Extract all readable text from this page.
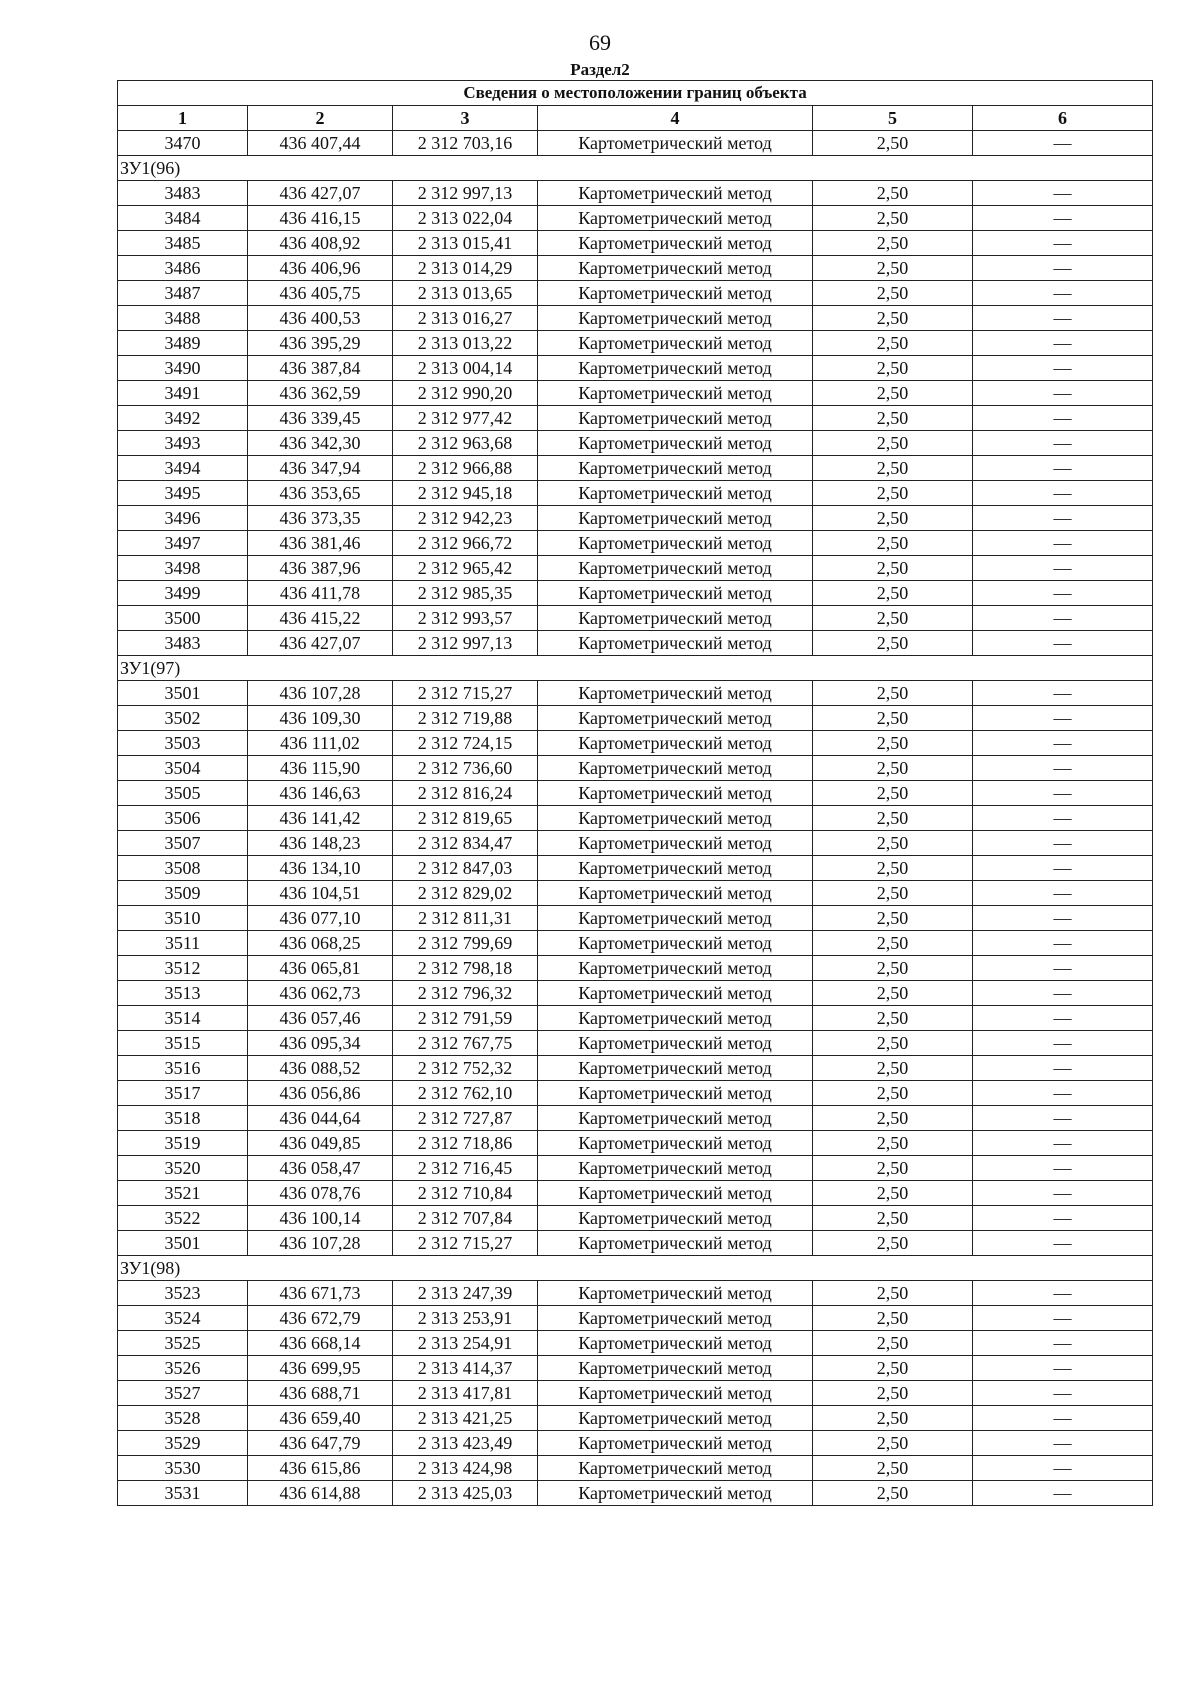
69
Раздел2
Сведения о местоположении границ объекта					
1	2	3	4	5	6
3470	436 407,44	2 312 703,16	Картометрический метод	2,50	—
ЗУ1(96)					
3483	436 427,07	2 312 997,13	Картометрический метод	2,50	—
3484	436 416,15	2 313 022,04	Картометрический метод	2,50	—
3485	436 408,92	2 313 015,41	Картометрический метод	2,50	—
3486	436 406,96	2 313 014,29	Картометрический метод	2,50	—
3487	436 405,75	2 313 013,65	Картометрический метод	2,50	—
3488	436 400,53	2 313 016,27	Картометрический метод	2,50	—
3489	436 395,29	2 313 013,22	Картометрический метод	2,50	—
3490	436 387,84	2 313 004,14	Картометрический метод	2,50	—
3491	436 362,59	2 312 990,20	Картометрический метод	2,50	—
3492	436 339,45	2 312 977,42	Картометрический метод	2,50	—
3493	436 342,30	2 312 963,68	Картометрический метод	2,50	—
3494	436 347,94	2 312 966,88	Картометрический метод	2,50	—
3495	436 353,65	2 312 945,18	Картометрический метод	2,50	—
3496	436 373,35	2 312 942,23	Картометрический метод	2,50	—
3497	436 381,46	2 312 966,72	Картометрический метод	2,50	—
3498	436 387,96	2 312 965,42	Картометрический метод	2,50	—
3499	436 411,78	2 312 985,35	Картометрический метод	2,50	—
3500	436 415,22	2 312 993,57	Картометрический метод	2,50	—
3483	436 427,07	2 312 997,13	Картометрический метод	2,50	—
ЗУ1(97)					
3501	436 107,28	2 312 715,27	Картометрический метод	2,50	—
3502	436 109,30	2 312 719,88	Картометрический метод	2,50	—
3503	436 111,02	2 312 724,15	Картометрический метод	2,50	—
3504	436 115,90	2 312 736,60	Картометрический метод	2,50	—
3505	436 146,63	2 312 816,24	Картометрический метод	2,50	—
3506	436 141,42	2 312 819,65	Картометрический метод	2,50	—
3507	436 148,23	2 312 834,47	Картометрический метод	2,50	—
3508	436 134,10	2 312 847,03	Картометрический метод	2,50	—
3509	436 104,51	2 312 829,02	Картометрический метод	2,50	—
3510	436 077,10	2 312 811,31	Картометрический метод	2,50	—
3511	436 068,25	2 312 799,69	Картометрический метод	2,50	—
3512	436 065,81	2 312 798,18	Картометрический метод	2,50	—
3513	436 062,73	2 312 796,32	Картометрический метод	2,50	—
3514	436 057,46	2 312 791,59	Картометрический метод	2,50	—
3515	436 095,34	2 312 767,75	Картометрический метод	2,50	—
3516	436 088,52	2 312 752,32	Картометрический метод	2,50	—
3517	436 056,86	2 312 762,10	Картометрический метод	2,50	—
3518	436 044,64	2 312 727,87	Картометрический метод	2,50	—
3519	436 049,85	2 312 718,86	Картометрический метод	2,50	—
3520	436 058,47	2 312 716,45	Картометрический метод	2,50	—
3521	436 078,76	2 312 710,84	Картометрический метод	2,50	—
3522	436 100,14	2 312 707,84	Картометрический метод	2,50	—
3501	436 107,28	2 312 715,27	Картометрический метод	2,50	—
ЗУ1(98)					
3523	436 671,73	2 313 247,39	Картометрический метод	2,50	—
3524	436 672,79	2 313 253,91	Картометрический метод	2,50	—
3525	436 668,14	2 313 254,91	Картометрический метод	2,50	—
3526	436 699,95	2 313 414,37	Картометрический метод	2,50	—
3527	436 688,71	2 313 417,81	Картометрический метод	2,50	—
3528	436 659,40	2 313 421,25	Картометрический метод	2,50	—
3529	436 647,79	2 313 423,49	Картометрический метод	2,50	—
3530	436 615,86	2 313 424,98	Картометрический метод	2,50	—
3531	436 614,88	2 313 425,03	Картометрический метод	2,50	—
